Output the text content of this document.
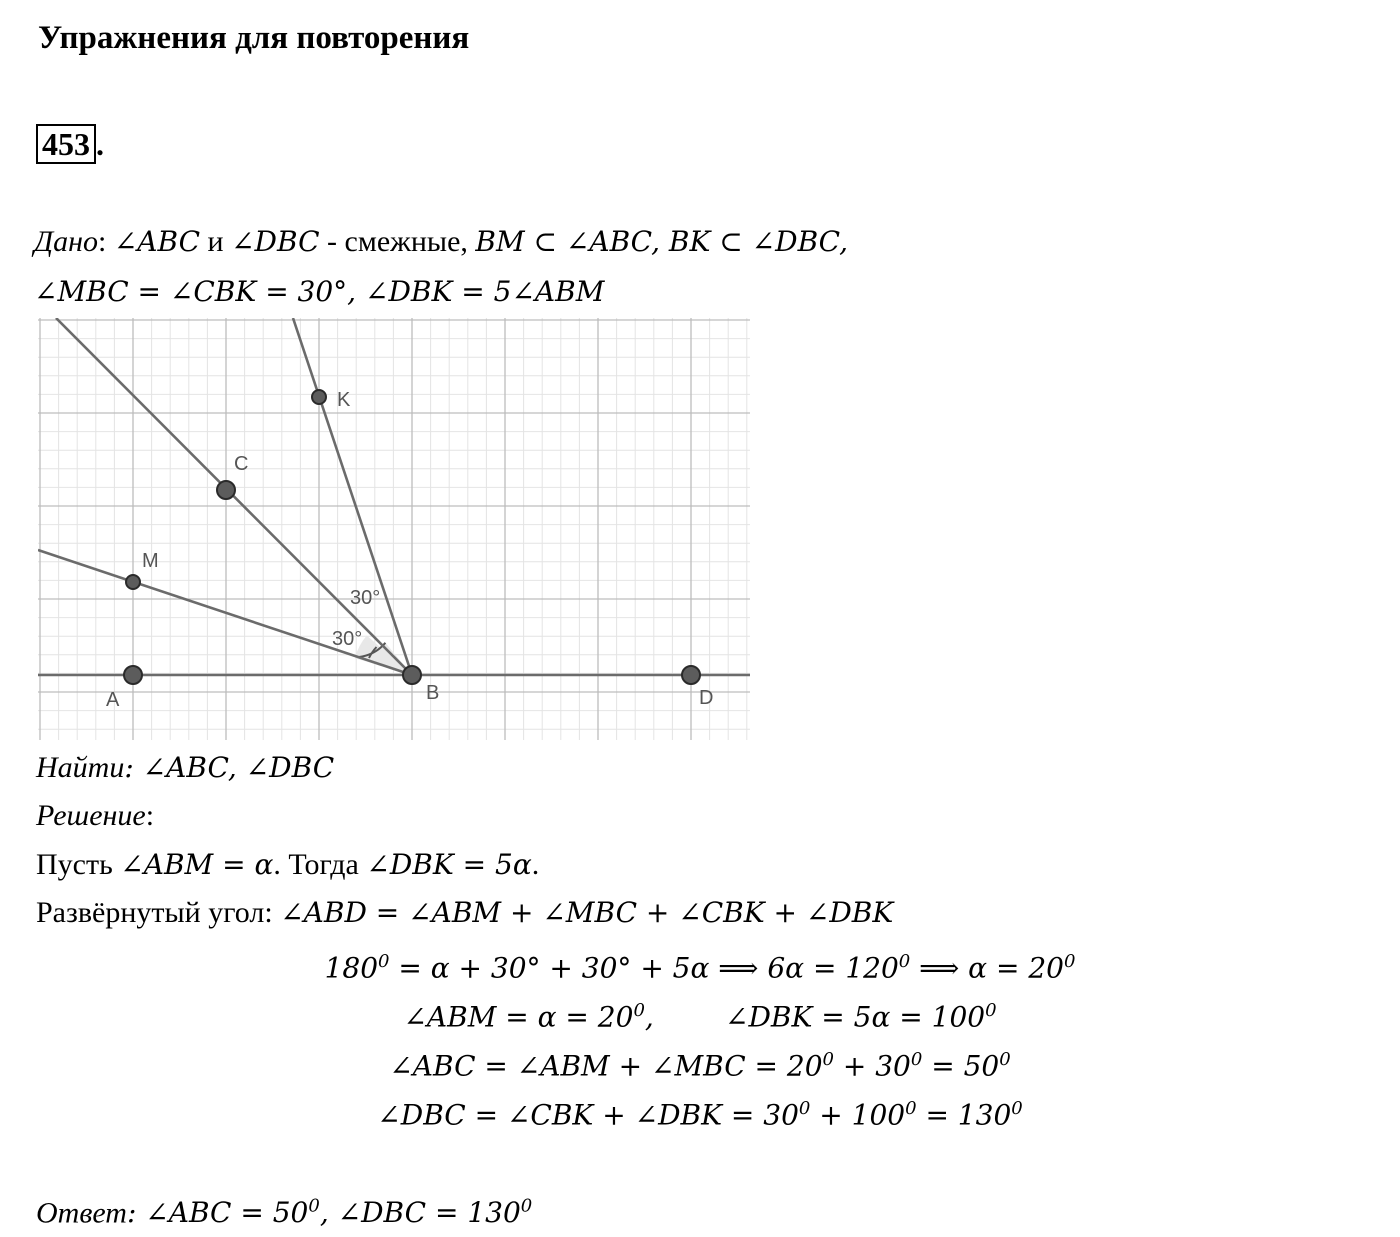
Упражнения для повторения
453 .
Дано: ∠ABC и ∠DBC - смежные, BM ⊂ ∠ABC, BK ⊂ ∠DBC,
∠MBC = ∠CBK = 30°, ∠DBK = 5∠ABM
A	B	D
C
M
K
30°
30°
Найти: ∠ABC, ∠DBC
Решение:
Пусть ∠ABM = α. Тогда ∠DBK = 5α.
Развёрнутый угол: ∠ABD = ∠ABM + ∠MBC + ∠CBK + ∠DBK
$180^0 = \alpha + 30^\circ + 30^\circ + 5\alpha$ ⟹ $6\alpha = 120^0$ ⟹ $\alpha = 20^0$
∠ABM = $\alpha = 20^0$,        ∠DBK = $5\alpha = 100^0$
∠ABC = ∠ABM + ∠MBC = $20^0 + 30^0 = 50^0$
∠DBC = ∠CBK + ∠DBK = $30^0 + 100^0 = 130^0$
Ответ: ∠ABC = $50^0$, ∠DBC = $130^0$
